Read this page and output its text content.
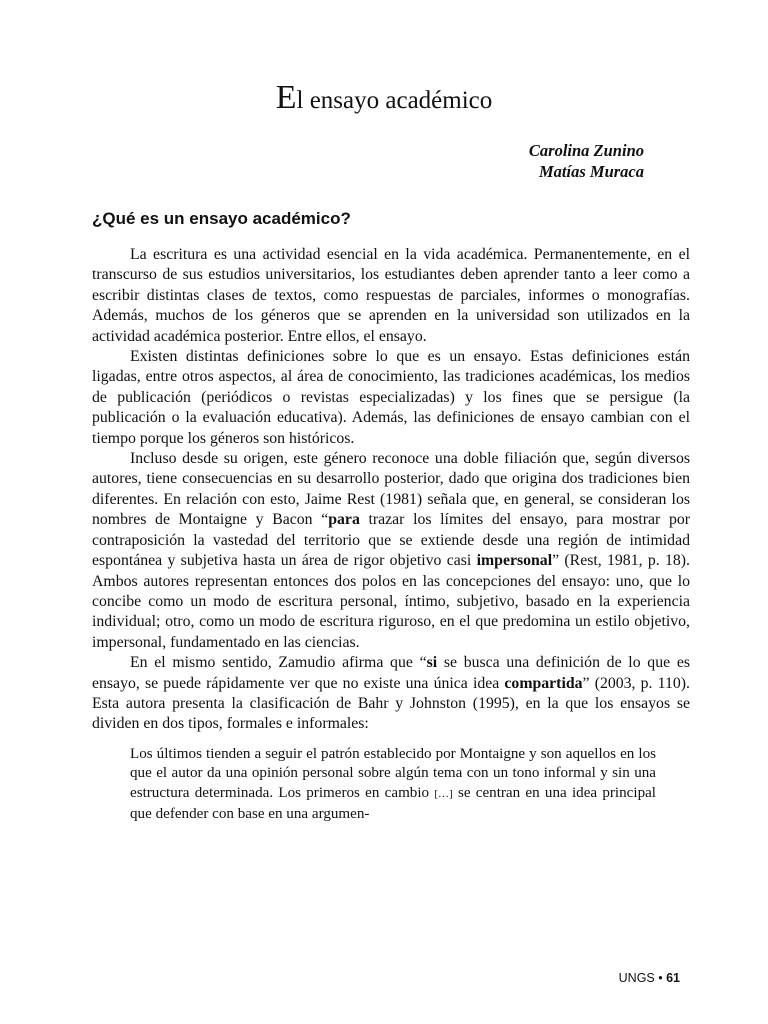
El ensayo académico
Carolina Zunino
Matías Muraca
¿Qué es un ensayo académico?

La escritura es una actividad esencial en la vida académica. Permanentemente, en el transcurso de sus estudios universitarios, los estudiantes deben aprender tanto a leer como a escribir distintas clases de textos, como respuestas de parciales, informes o monografías. Además, muchos de los géneros que se aprenden en la universidad son utilizados en la actividad académica posterior. Entre ellos, el ensayo.

Existen distintas definiciones sobre lo que es un ensayo. Estas definiciones están ligadas, entre otros aspectos, al área de conocimiento, las tradiciones académicas, los medios de publicación (periódicos o revistas especializadas) y los fines que se persigue (la publicación o la evaluación educativa). Además, las definiciones de ensayo cambian con el tiempo porque los géneros son históricos.

Incluso desde su origen, este género reconoce una doble filiación que, según diversos autores, tiene consecuencias en su desarrollo posterior, dado que origina dos tradiciones bien diferentes. En relación con esto, Jaime Rest (1981) señala que, en general, se consideran los nombres de Montaigne y Bacon “para trazar los límites del ensayo, para mostrar por contraposición la vastedad del territorio que se extiende desde una región de intimidad espontánea y subjetiva hasta un área de rigor objetivo casi impersonal” (Rest, 1981, p. 18). Ambos autores representan entonces dos polos en las concepciones del ensayo: uno, que lo concibe como un modo de escritura personal, íntimo, subjetivo, basado en la experiencia individual; otro, como un modo de escritura riguroso, en el que predomina un estilo objetivo, impersonal, fundamentado en las ciencias.

En el mismo sentido, Zamudio afirma que “si se busca una definición de lo que es ensayo, se puede rápidamente ver que no existe una única idea compartida” (2003, p. 110). Esta autora presenta la clasificación de Bahr y Johnston (1995), en la que los ensayos se dividen en dos tipos, formales e informales:

Los últimos tienden a seguir el patrón establecido por Montaigne y son aquellos en los que el autor da una opinión personal sobre algún tema con un tono informal y sin una estructura determinada. Los primeros en cambio […] se centran en una idea principal que defender con base en una argumen-
UNGS • 61
